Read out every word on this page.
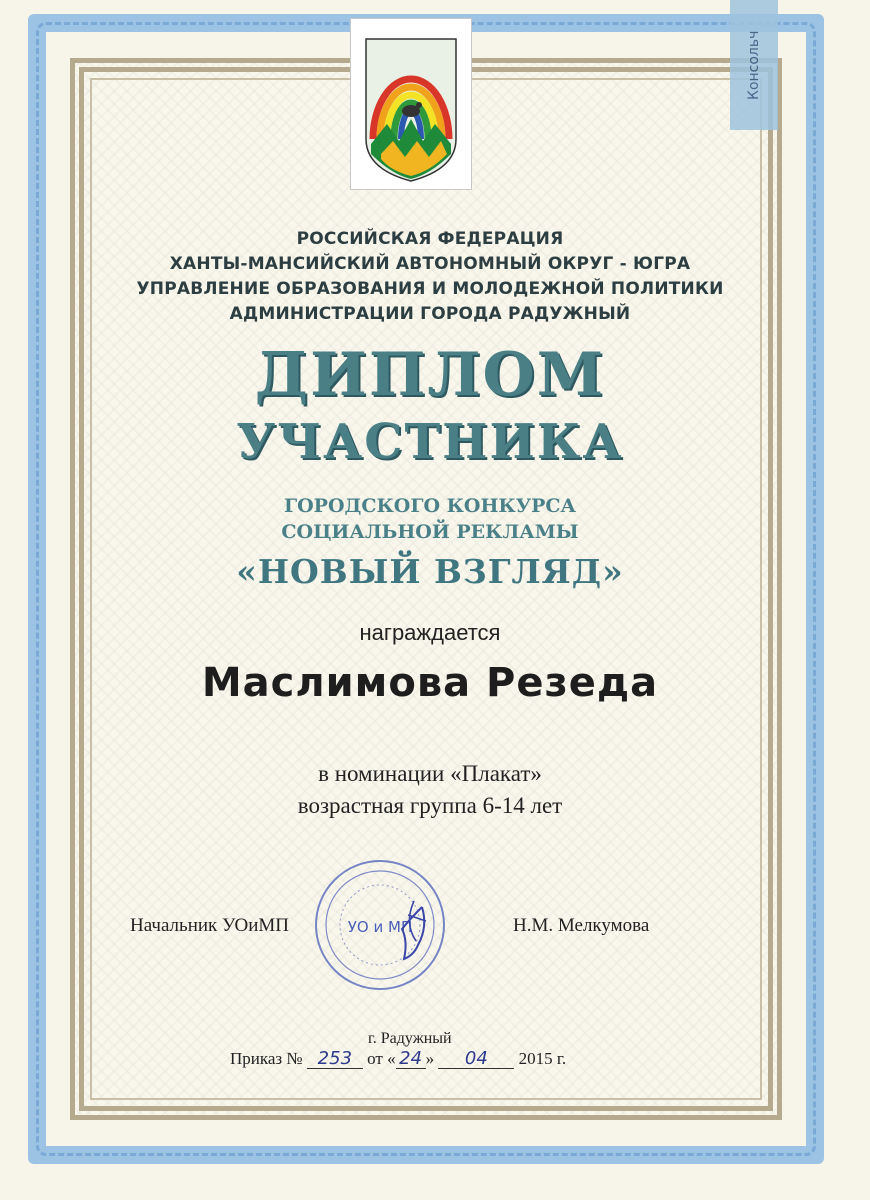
Консольч
РОССИЙСКАЯ ФЕДЕРАЦИЯ
ХАНТЫ-МАНСИЙСКИЙ АВТОНОМНЫЙ ОКРУГ - ЮГРА
УПРАВЛЕНИЕ ОБРАЗОВАНИЯ И МОЛОДЕЖНОЙ ПОЛИТИКИ
АДМИНИСТРАЦИИ ГОРОДА РАДУЖНЫЙ
ДИПЛОМ
УЧАСТНИКА
ГОРОДСКОГО КОНКУРСА
СОЦИАЛЬНОЙ РЕКЛАМЫ
«НОВЫЙ ВЗГЛЯД»
награждается
Маслимова Резеда
в номинации «Плакат»
возрастная группа 6-14 лет
УО и МП
Начальник УОиМП	Н.М. Мелкумова
г. Радужный
Приказ № 253 от « 24 » 04 2015 г.
